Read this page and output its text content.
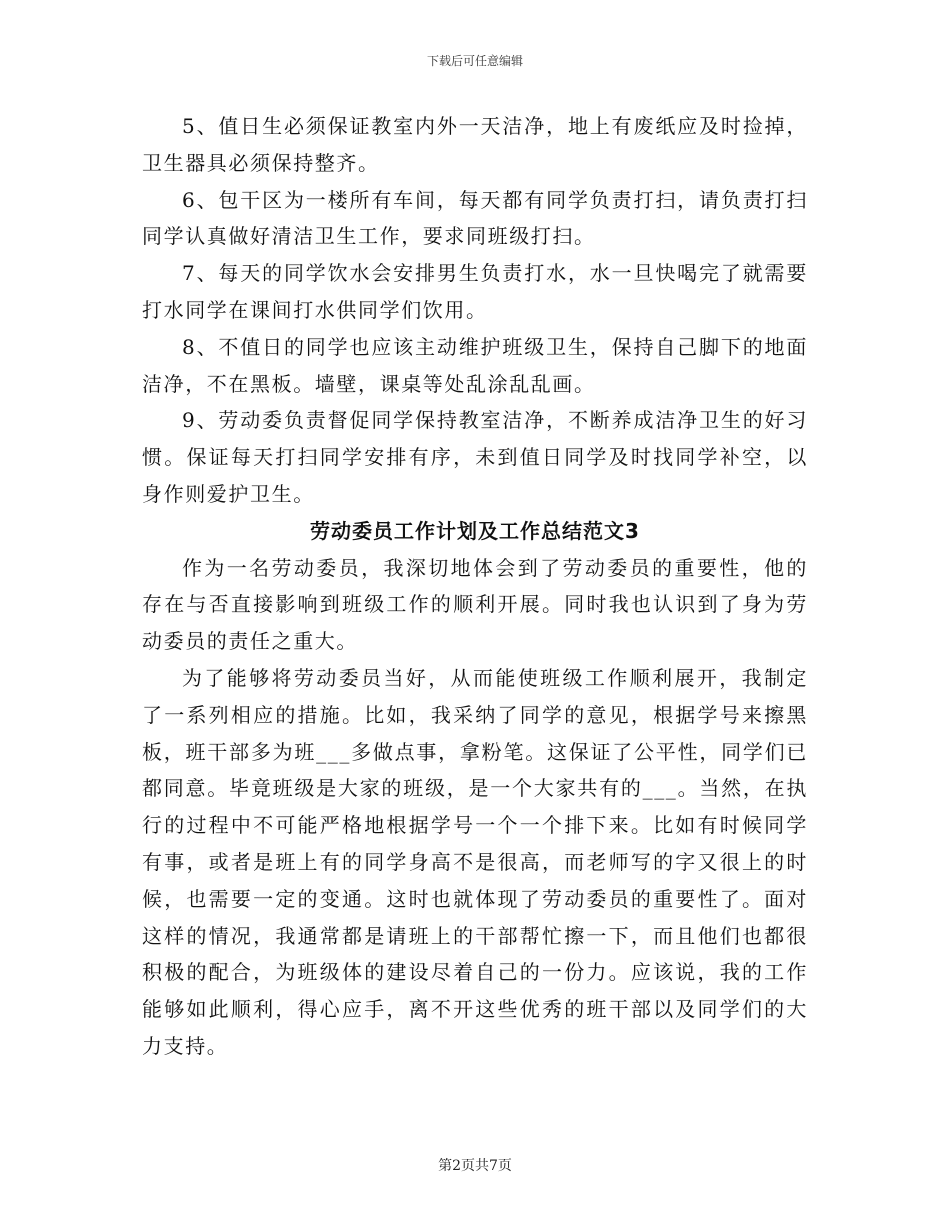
下载后可任意编辑

5、值日生必须保证教室内外一天洁净，地上有废纸应及时捡掉，卫生器具必须保持整齐。

6、包干区为一楼所有车间，每天都有同学负责打扫，请负责打扫同学认真做好清洁卫生工作，要求同班级打扫。

7、每天的同学饮水会安排男生负责打水，水一旦快喝完了就需要打水同学在课间打水供同学们饮用。

8、不值日的同学也应该主动维护班级卫生，保持自己脚下的地面洁净，不在黑板。墙壁，课桌等处乱涂乱乱画。

9、劳动委负责督促同学保持教室洁净，不断养成洁净卫生的好习惯。保证每天打扫同学安排有序，未到值日同学及时找同学补空，以身作则爱护卫生。

劳动委员工作计划及工作总结范文3

作为一名劳动委员，我深切地体会到了劳动委员的重要性，他的存在与否直接影响到班级工作的顺利开展。同时我也认识到了身为劳动委员的责任之重大。

为了能够将劳动委员当好，从而能使班级工作顺利展开，我制定了一系列相应的措施。比如，我采纳了同学的意见，根据学号来擦黑板，班干部多为班___多做点事，拿粉笔。这保证了公平性，同学们已都同意。毕竟班级是大家的班级，是一个大家共有的___。当然，在执行的过程中不可能严格地根据学号一个一个排下来。比如有时候同学有事，或者是班上有的同学身高不是很高，而老师写的字又很上的时候，也需要一定的变通。这时也就体现了劳动委员的重要性了。面对这样的情况，我通常都是请班上的干部帮忙擦一下，而且他们也都很积极的配合，为班级体的建设尽着自己的一份力。应该说，我的工作能够如此顺利，得心应手，离不开这些优秀的班干部以及同学们的大力支持。

第2页共7页
